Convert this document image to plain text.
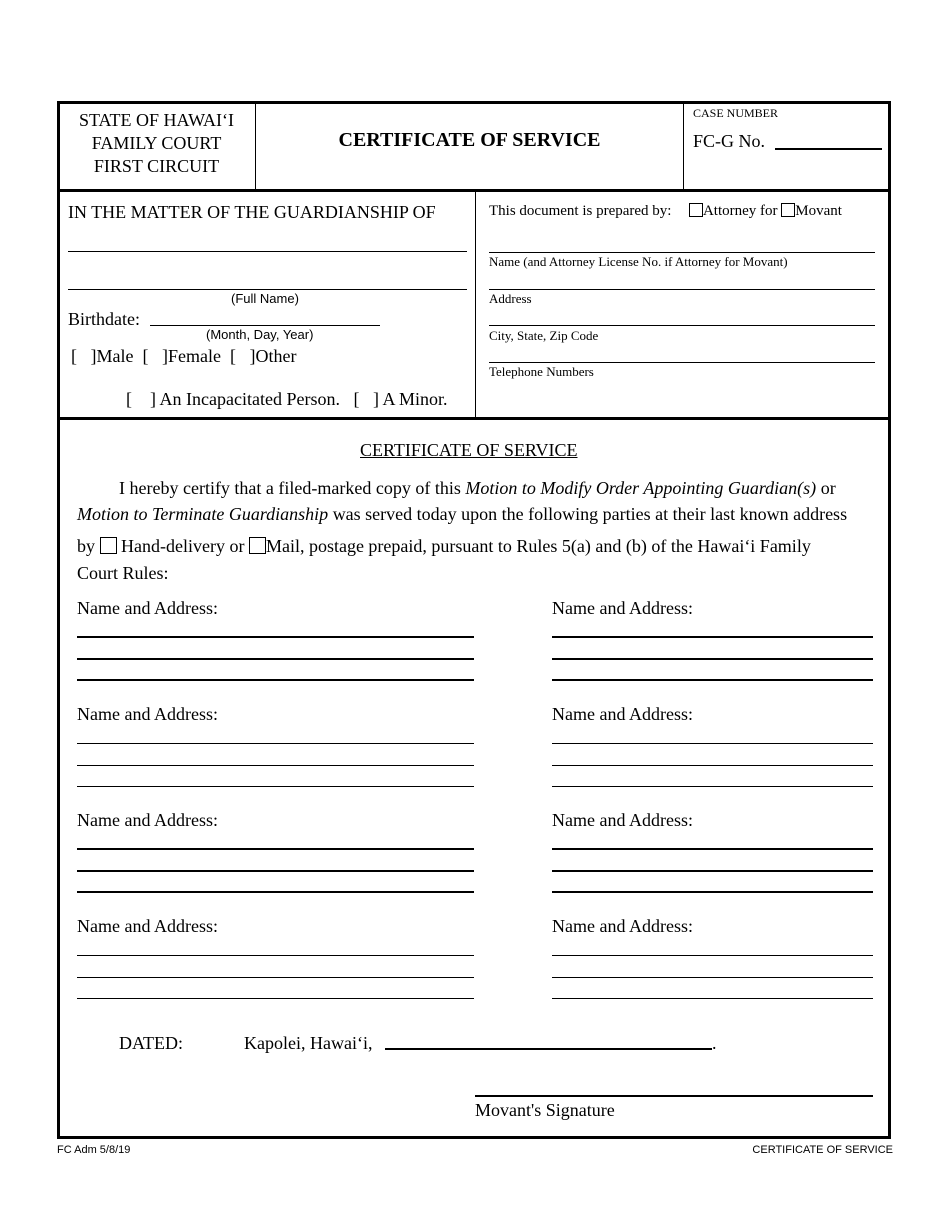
STATE OF HAWAI‘I
FAMILY COURT
FIRST CIRCUIT
CERTIFICATE OF SERVICE
CASE NUMBER
FC-G No.
IN THE MATTER OF THE GUARDIANSHIP OF
(Full Name)
Birthdate:
(Month, Day, Year)
[   ]Male  [   ]Female  [   ]Other
[    ] An Incapacitated Person.   [   ] A Minor.
This document is prepared by: Attorney for Movant
Name (and Attorney License No. if Attorney for Movant)
Address
City, State, Zip Code
Telephone Numbers
CERTIFICATE OF SERVICE
I hereby certify that a filed-marked copy of this Motion to Modify Order Appointing Guardian(s) or
Motion to Terminate Guardianship was served today upon the following parties at their last known address
by Hand-delivery or Mail, postage prepaid, pursuant to Rules 5(a) and (b) of the Hawai‘i Family
Court Rules:
Name and Address:
Name and Address:
Name and Address:
Name and Address:
Name and Address:
Name and Address:
Name and Address:
Name and Address:
DATED:	Kapolei, Hawai‘i,	.
Movant's Signature
FC Adm 5/8/19	CERTIFICATE OF SERVICE
